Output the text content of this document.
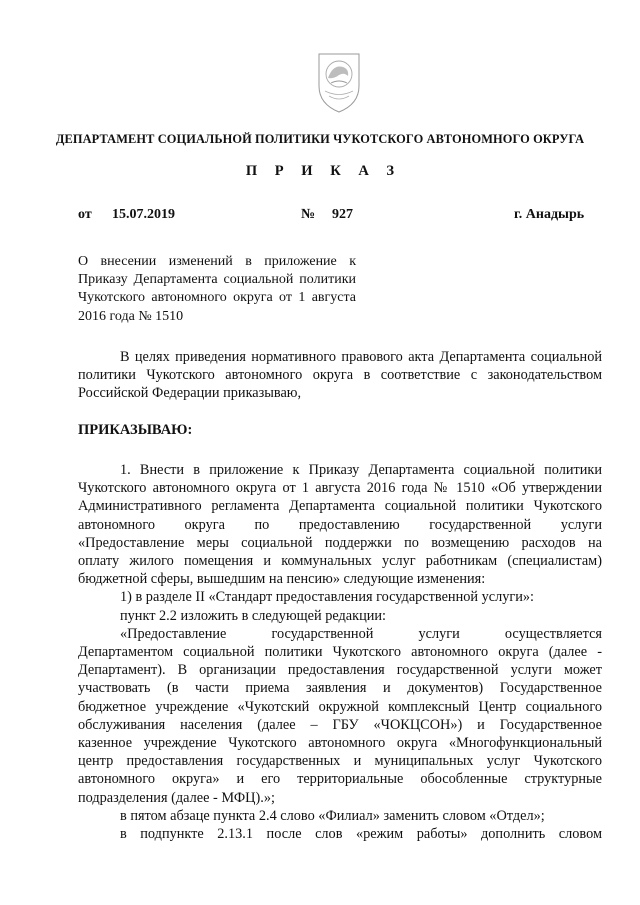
ДЕПАРТАМЕНТ СОЦИАЛЬНОЙ ПОЛИТИКИ ЧУКОТСКОГО АВТОНОМНОГО ОКРУГА
П Р И К А З
от 15.07.2019	№ 927	г. Анадырь
О внесении изменений в приложение к
Приказу Департамента социальной политики
Чукотского автономного округа от 1 августа
2016 года № 1510
В целях приведения нормативного правового акта Департамента социальной
политики Чукотского автономного округа в соответствие с законодательством
Российской Федерации приказываю,
ПРИКАЗЫВАЮ:
1. Внести в приложение к Приказу Департамента социальной политики
Чукотского автономного округа от 1 августа 2016 года № 1510 «Об утверждении
Административного регламента Департамента социальной политики Чукотского
автономного округа по предоставлению государственной услуги
«Предоставление меры социальной поддержки по возмещению расходов на
оплату жилого помещения и коммунальных услуг работникам (специалистам)
бюджетной сферы, вышедшим на пенсию» следующие изменения:
1) в разделе II «Стандарт предоставления государственной услуги»:
пункт 2.2 изложить в следующей редакции:
«Предоставление государственной услуги осуществляется
Департаментом социальной политики Чукотского автономного округа (далее -
Департамент). В организации предоставления государственной услуги может
участвовать (в части приема заявления и документов) Государственное
бюджетное учреждение «Чукотский окружной комплексный Центр социального
обслуживания населения (далее – ГБУ «ЧОКЦСОН») и Государственное
казенное учреждение Чукотского автономного округа «Многофункциональный
центр предоставления государственных и муниципальных услуг Чукотского
автономного округа» и его территориальные обособленные структурные
подразделения (далее - МФЦ).»;
в пятом абзаце пункта 2.4 слово «Филиал» заменить словом «Отдел»;
в подпункте 2.13.1 после слов «режим работы» дополнить словом
